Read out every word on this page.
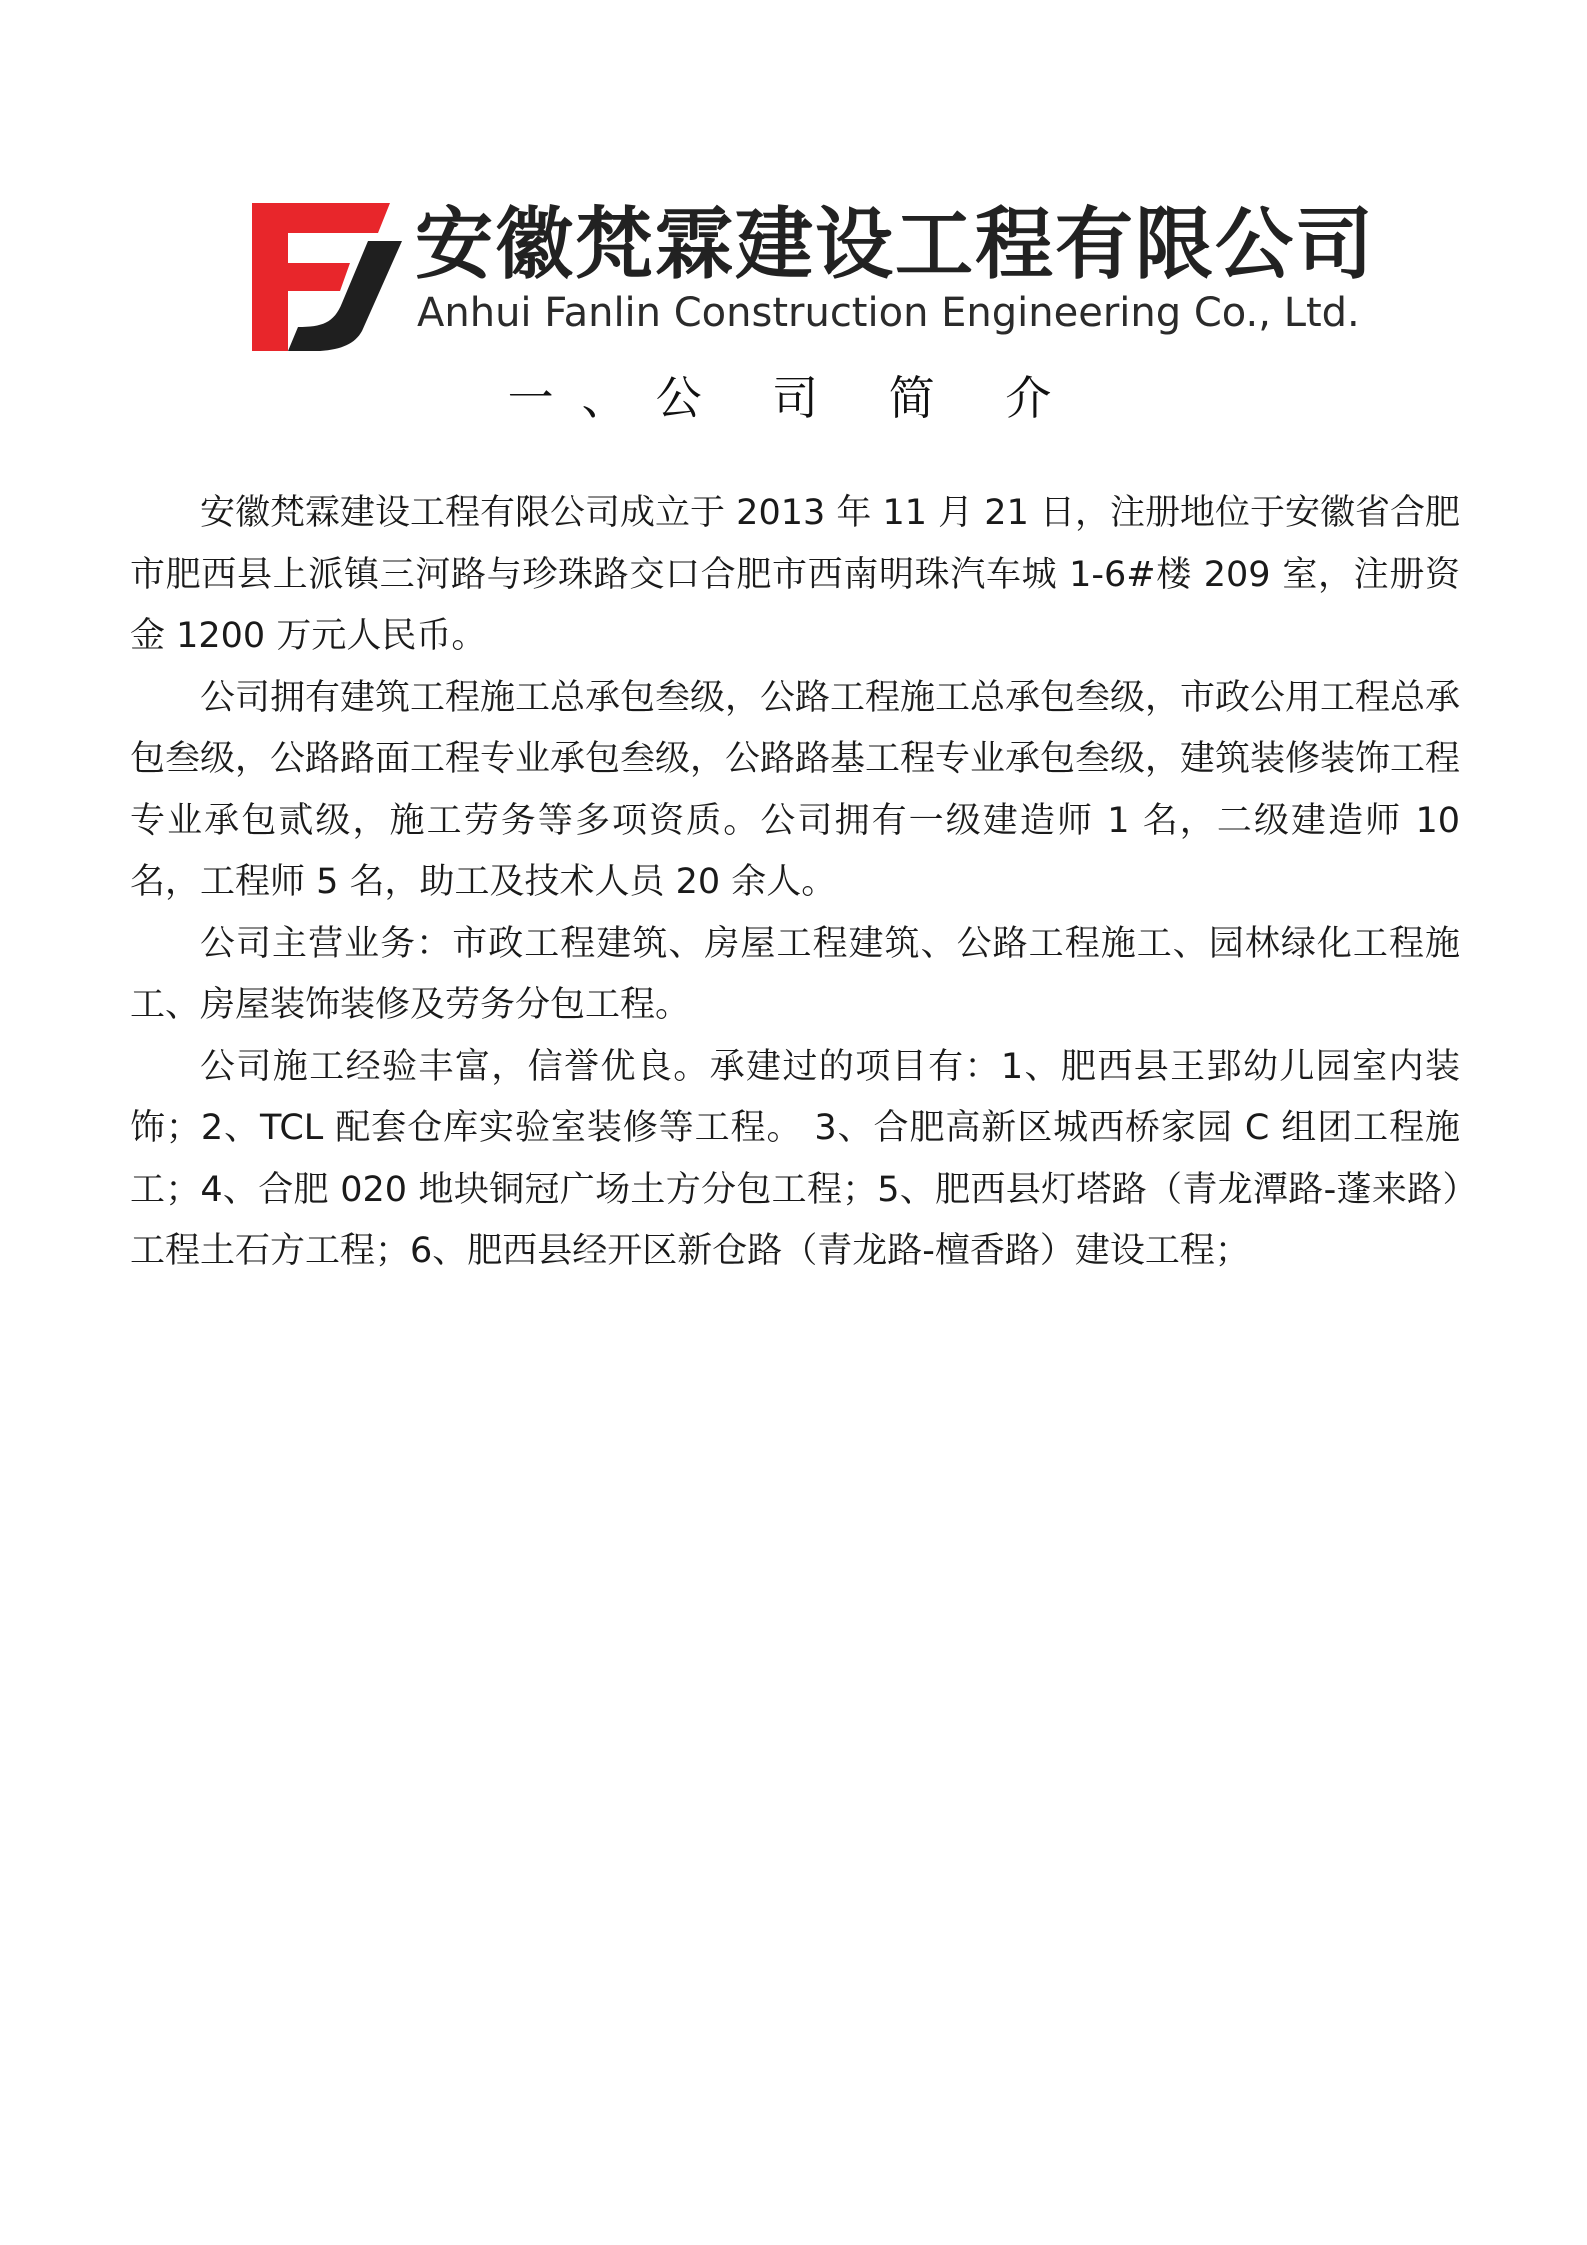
安徽梵霖建设工程有限公司
Anhui Fanlin Construction Engineering Co., Ltd.
一、公 司 简 介

安徽梵霖建设工程有限公司成立于 2013 年 11 月 21 日，注册地位于安徽省合肥市肥西县上派镇三河路与珍珠路交口合肥市西南明珠汽车城 1-6#楼 209 室，注册资金 1200 万元人民币。

公司拥有建筑工程施工总承包叁级，公路工程施工总承包叁级，市政公用工程总承包叁级，公路路面工程专业承包叁级，公路路基工程专业承包叁级，建筑装修装饰工程专业承包贰级，施工劳务等多项资质。公司拥有一级建造师 1 名，二级建造师 10 名，工程师 5 名，助工及技术人员 20 余人。

公司主营业务：市政工程建筑、房屋工程建筑、公路工程施工、园林绿化工程施工、房屋装饰装修及劳务分包工程。

公司施工经验丰富，信誉优良。承建过的项目有：1、肥西县王郢幼儿园室内装饰；2、TCL 配套仓库实验室装修等工程。 3、合肥高新区城西桥家园 C 组团工程施工；4、合肥 020 地块铜冠广场土方分包工程；5、肥西县灯塔路（青龙潭路-蓬来路）工程土石方工程；6、肥西县经开区新仓路（青龙路-檀香路）建设工程；
